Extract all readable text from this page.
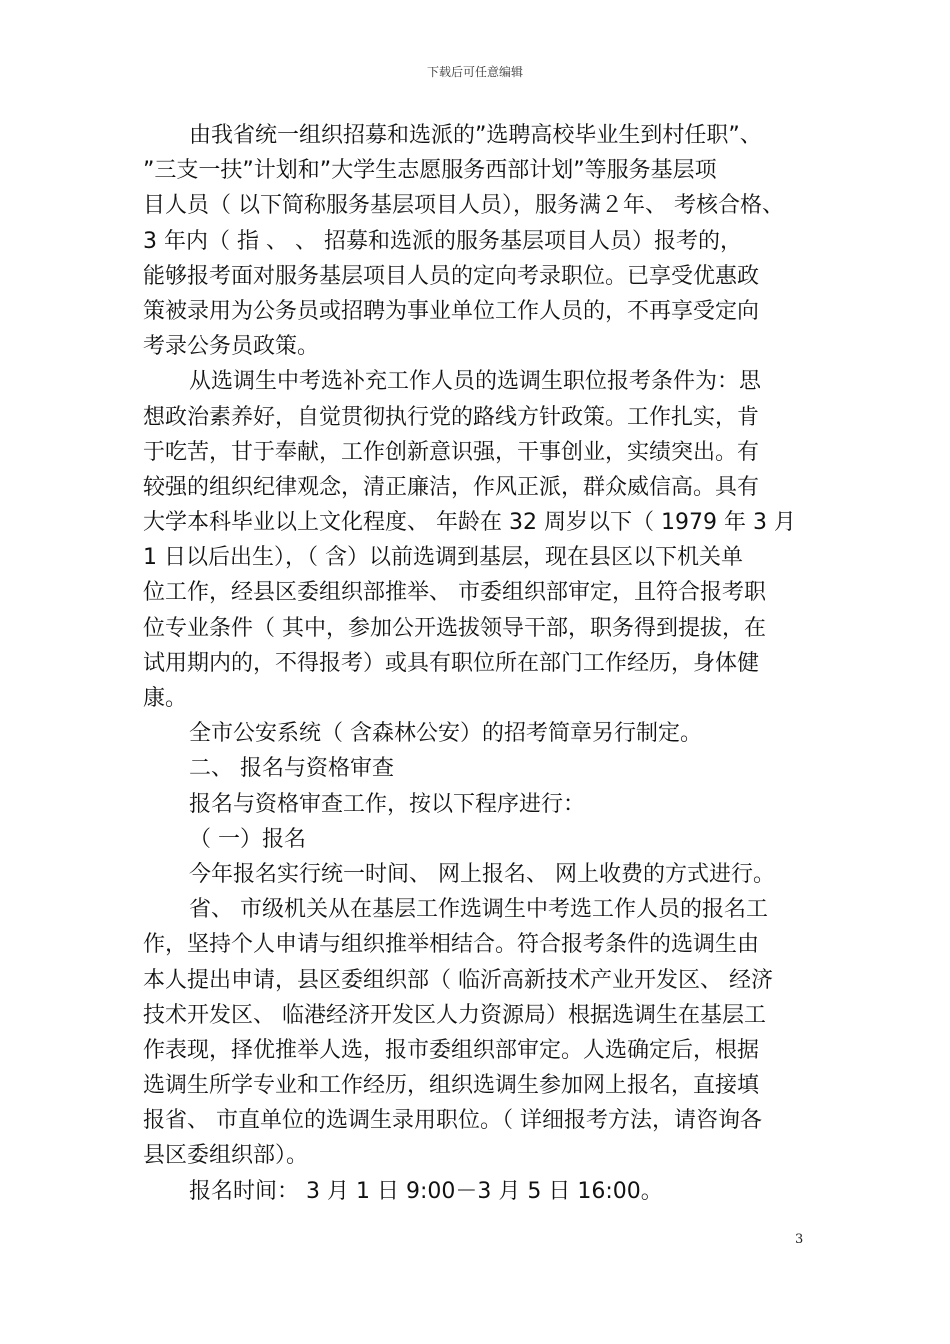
下载后可任意编辑
由我省统一组织招募和选派的”选聘高校毕业生到村任职”、
”三支一扶”计划和”大学生志愿服务西部计划”等服务基层项
目人员（ 以下简称服务基层项目人员），服务满２年、 考核合格、
3 年内（ 指 、 、 招募和选派的服务基层项目人员）报考的，
能够报考面对服务基层项目人员的定向考录职位。已享受优惠政
策被录用为公务员或招聘为事业单位工作人员的，不再享受定向
考录公务员政策。
从选调生中考选补充工作人员的选调生职位报考条件为：思
想政治素养好，自觉贯彻执行党的路线方针政策。工作扎实，肯
于吃苦，甘于奉献，工作创新意识强，干事创业，实绩突出。有
较强的组织纪律观念，清正廉洁，作风正派，群众威信高。具有
大学本科毕业以上文化程度、 年龄在 32 周岁以下（ 1979 年 3 月
1 日以后出生），（ 含）以前选调到基层，现在县区以下机关单
位工作，经县区委组织部推举、 市委组织部审定，且符合报考职
位专业条件（ 其中，参加公开选拔领导干部，职务得到提拔，在
试用期内的，不得报考）或具有职位所在部门工作经历，身体健
康。
全市公安系统（ 含森林公安）的招考简章另行制定。
二、 报名与资格审查
报名与资格审查工作，按以下程序进行：
（ 一）报名
今年报名实行统一时间、 网上报名、 网上收费的方式进行。
省、 市级机关从在基层工作选调生中考选工作人员的报名工
作，坚持个人申请与组织推举相结合。符合报考条件的选调生由
本人提出申请，县区委组织部（ 临沂高新技术产业开发区、 经济
技术开发区、 临港经济开发区人力资源局）根据选调生在基层工
作表现，择优推举人选，报市委组织部审定。人选确定后，根据
选调生所学专业和工作经历，组织选调生参加网上报名，直接填
报省、 市直单位的选调生录用职位。（ 详细报考方法，请咨询各
县区委组织部）。
报名时间： 3 月 1 日 9:00－3 月 5 日 16:00。
3
